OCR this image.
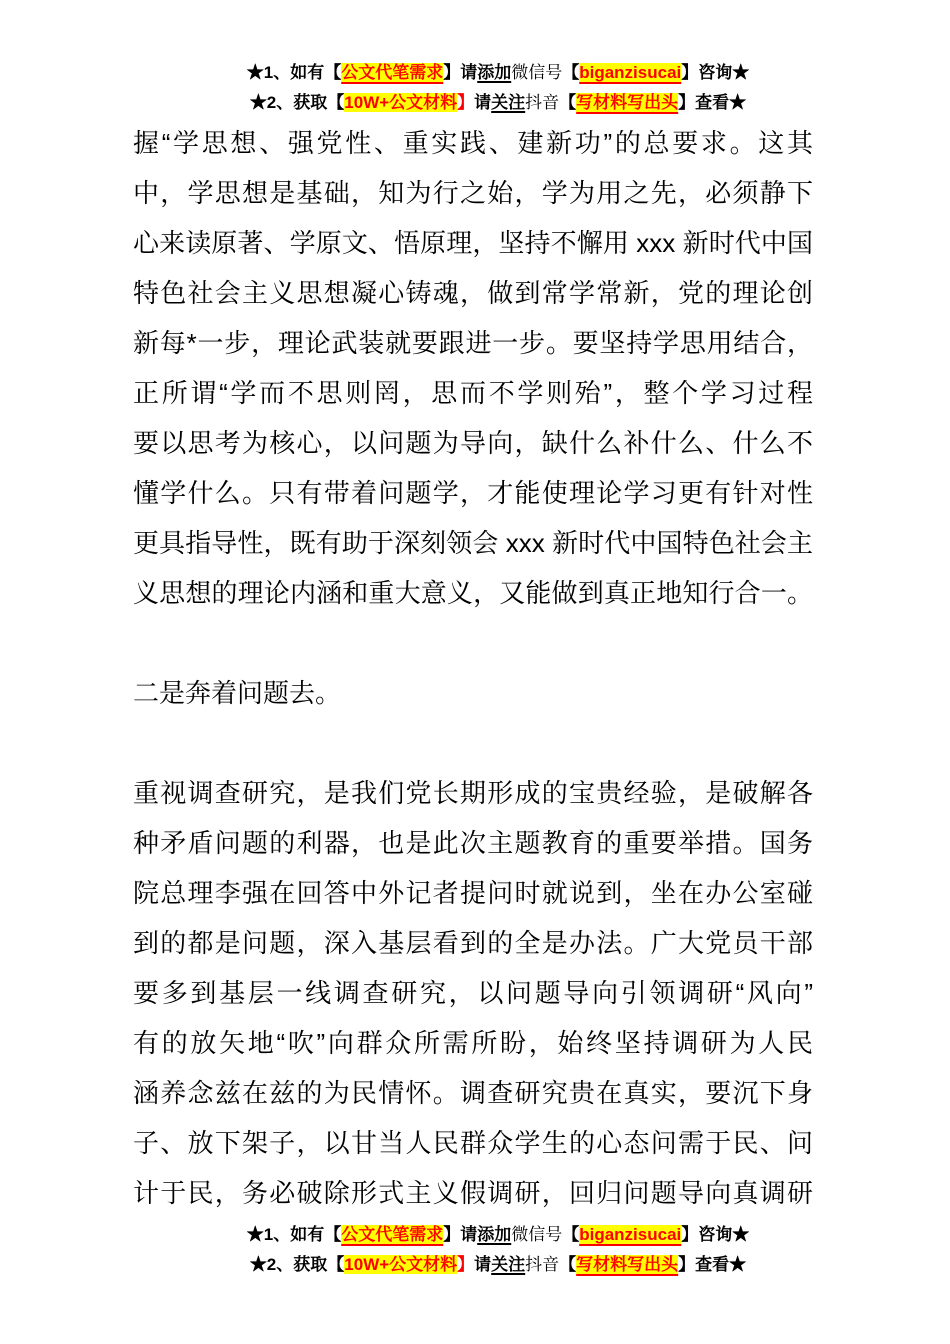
★1、如有【公文代笔需求】请添加微信号【biganzisucai】咨询★
★2、获取【10W+公文材料】请关注抖音【写材料写出头】查看★
握“学思想、强党性、重实践、建新功”的总要求。这其
中，学思想是基础，知为行之始，学为用之先，必须静下
心来读原著、学原文、悟原理，坚持不懈用 xxx 新时代中国
特色社会主义思想凝心铸魂，做到常学常新，党的理论创
新每*一步，理论武装就要跟进一步。要坚持学思用结合，
正所谓“学而不思则罔，思而不学则殆”，整个学习过程
要以思考为核心，以问题为导向，缺什么补什么、什么不
懂学什么。只有带着问题学，才能使理论学习更有针对性
更具指导性，既有助于深刻领会 xxx 新时代中国特色社会主
义思想的理论内涵和重大意义，又能做到真正地知行合一。
二是奔着问题去。
重视调查研究，是我们党长期形成的宝贵经验，是破解各
种矛盾问题的利器，也是此次主题教育的重要举措。国务
院总理李强在回答中外记者提问时就说到，坐在办公室碰
到的都是问题，深入基层看到的全是办法。广大党员干部
要多到基层一线调查研究，以问题导向引领调研“风向”
有的放矢地“吹”向群众所需所盼，始终坚持调研为人民
涵养念兹在兹的为民情怀。调查研究贵在真实，要沉下身
子、放下架子，以甘当人民群众学生的心态问需于民、问
计于民，务必破除形式主义假调研，回归问题导向真调研
★1、如有【公文代笔需求】请添加微信号【biganzisucai】咨询★
★2、获取【10W+公文材料】请关注抖音【写材料写出头】查看★
